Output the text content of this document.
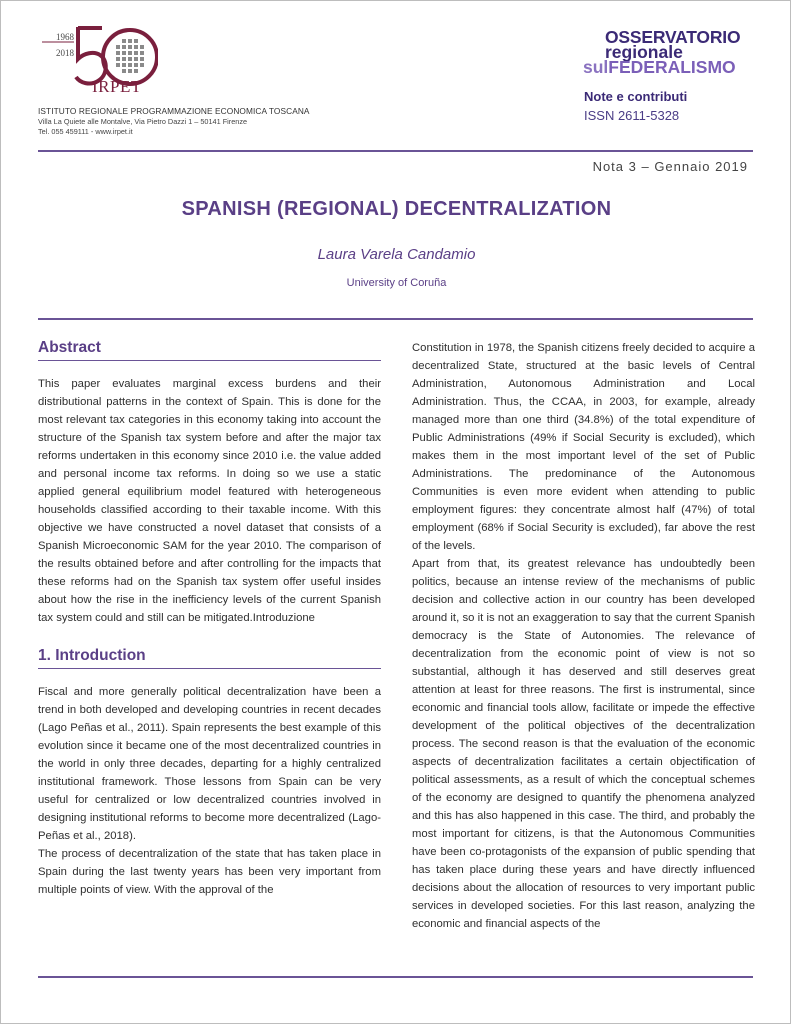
1968
2018
IRPET
ISTITUTO REGIONALE PROGRAMMAZIONE ECONOMICA TOSCANA
Villa La Quiete alle Montalve, Via Pietro Dazzi 1 – 50141 Firenze
Tel. 055 459111 - www.irpet.it
OSSERVATORIO
regionale
sulFEDERALISMO
Note e contributi
ISSN 2611-5328
Nota 3 – Gennaio 2019
SPANISH (REGIONAL) DECENTRALIZATION
Laura Varela Candamio
University of Coruña
Abstract

This paper evaluates marginal excess burdens and their distributional patterns in the context of Spain. This is done for the most relevant tax categories in this economy taking into account the structure of the Spanish tax system before and after the major tax reforms undertaken in this economy since 2010 i.e. the value added and personal income tax reforms. In doing so we use a static applied general equilibrium model featured with heterogeneous households classified according to their taxable income. With this objective we have constructed a novel dataset that consists of a Spanish Microeconomic SAM for the year 2010. The comparison of the results obtained before and after controlling for the impacts that these reforms had on the Spanish tax system offer useful insides about how the rise in the inefficiency levels of the current Spanish tax system could and still can be mitigated.Introduzione

1. Introduction

Fiscal and more generally political decentralization have been a trend in both developed and developing countries in recent decades (Lago Peñas et al., 2011). Spain represents the best example of this evolution since it became one of the most decentralized countries in the world in only three decades, departing for a highly centralized institutional framework. Those lessons from Spain can be very useful for centralized or low decentralized countries involved in designing institutional reforms to become more decentralized (Lago-Peñas et al., 2018).

The process of decentralization of the state that has taken place in Spain during the last twenty years has been very important from multiple points of view. With the approval of the

Constitution in 1978, the Spanish citizens freely decided to acquire a decentralized State, structured at the basic levels of Central Administration, Autonomous Administration and Local Administration. Thus, the CCAA, in 2003, for example, already managed more than one third (34.8%) of the total expenditure of Public Administrations (49% if Social Security is excluded), which makes them in the most important level of the set of Public Administrations. The predominance of the Autonomous Communities is even more evident when attending to public employment figures: they concentrate almost half (47%) of total employment (68% if Social Security is excluded), far above the rest of the levels.

Apart from that, its greatest relevance has undoubtedly been politics, because an intense review of the mechanisms of public decision and collective action in our country has been developed around it, so it is not an exaggeration to say that the current Spanish democracy is the State of Autonomies. The relevance of decentralization from the economic point of view is not so substantial, although it has deserved and still deserves great attention at least for three reasons. The first is instrumental, since economic and financial tools allow, facilitate or impede the effective development of the political objectives of the decentralization process. The second reason is that the evaluation of the economic aspects of decentralization facilitates a certain objectification of political assessments, as a result of which the conceptual schemes of the economy are designed to quantify the phenomena analyzed and this has also happened in this case. The third, and probably the most important for citizens, is that the Autonomous Communities have been co-protagonists of the expansion of public spending that has taken place during these years and have directly influenced decisions about the allocation of resources to very important public services in developed societies. For this last reason, analyzing the economic and financial aspects of the
